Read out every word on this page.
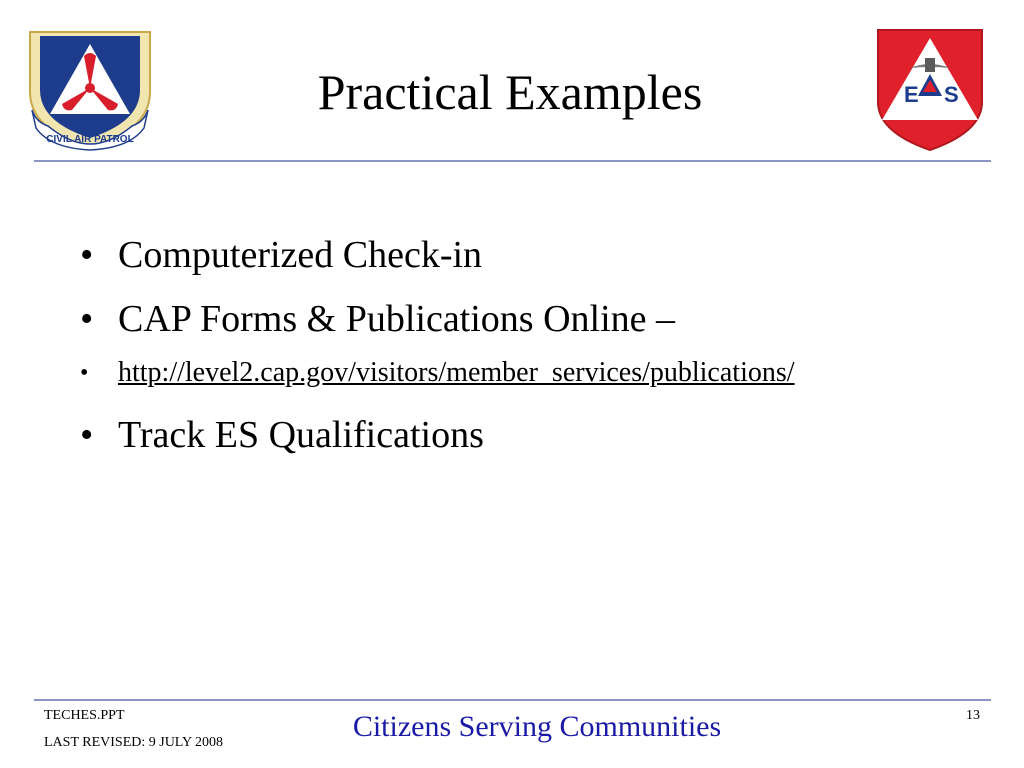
CIVIL AIR PATROL
Practical Examples	E S
• Computerized Check-in
• CAP Forms & Publications Online –
• http://level2.cap.gov/visitors/member_services/publications/
• Track ES Qualifications
TECHES.PPT
LAST REVISED: 9 JULY 2008	Citizens Serving Communities	13
